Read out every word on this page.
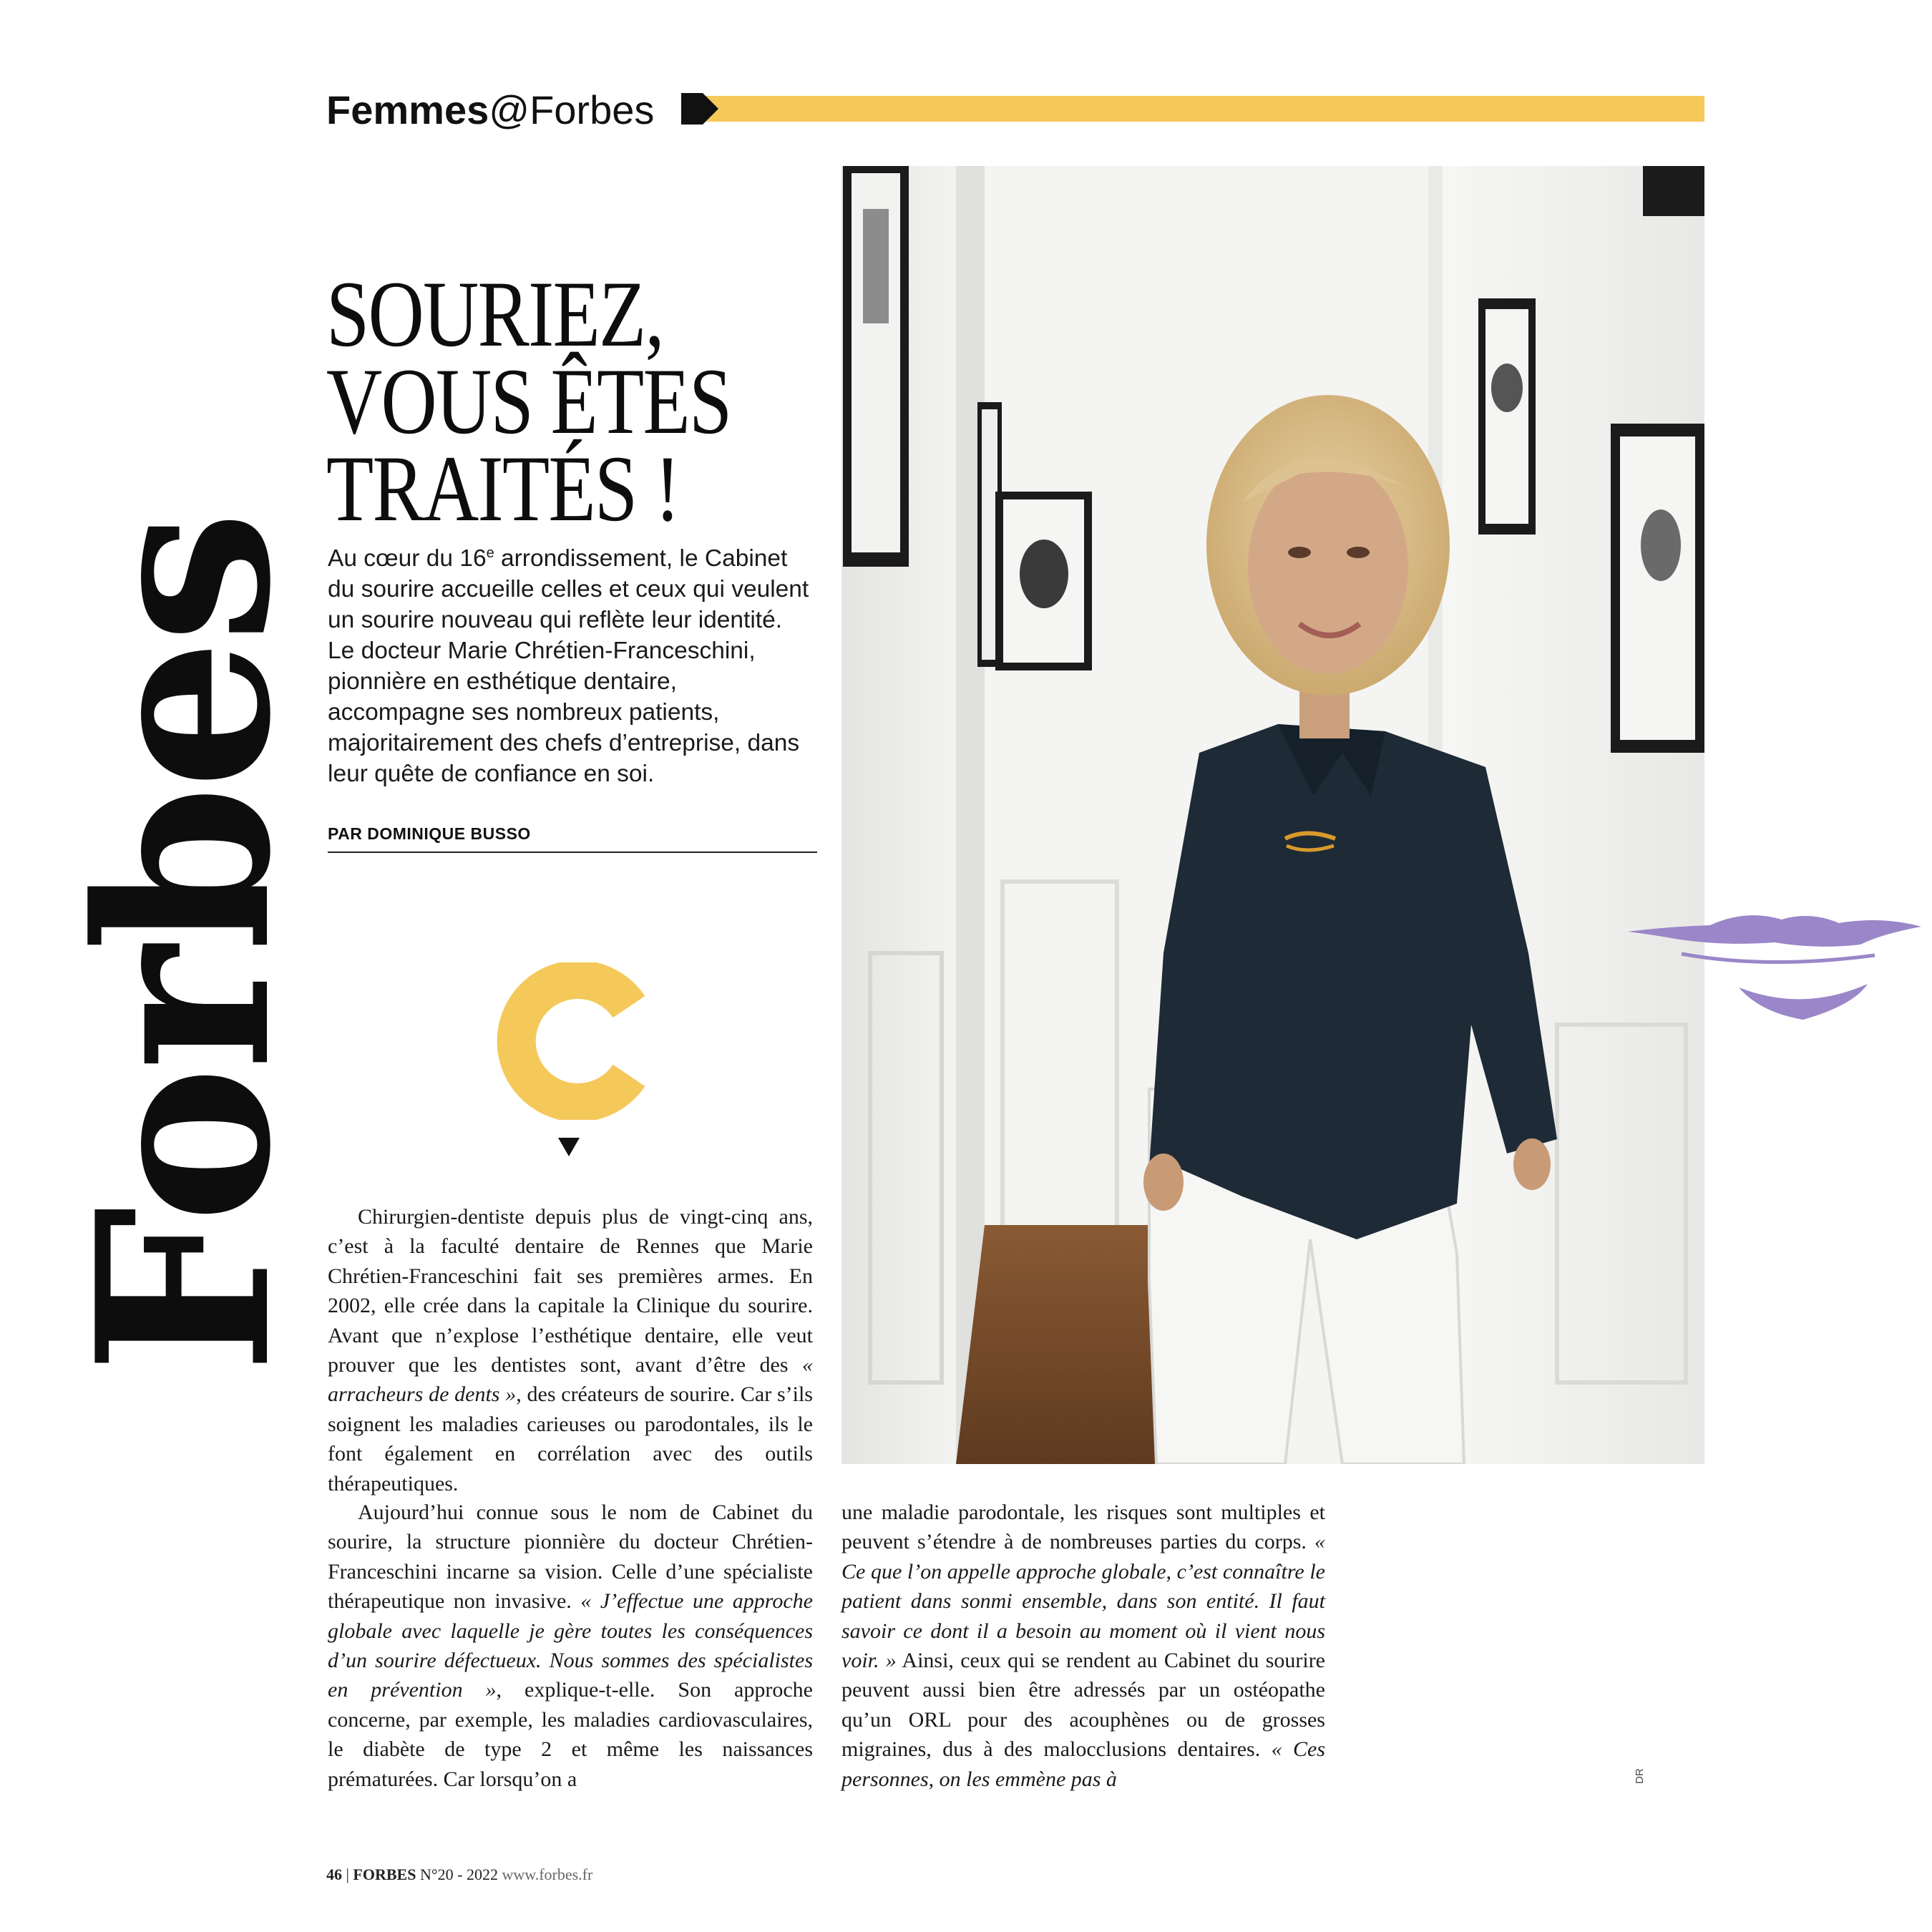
Femmes@Forbes
Forbes
SOURIEZ,
VOUS ÊTES
TRAITÉS !
Au cœur du 16e arrondissement, le Cabinet du sourire accueille celles et ceux qui veulent un sourire nouveau qui reflète leur identité. Le docteur Marie Chrétien-Franceschini, pionnière en esthétique dentaire, accompagne ses nombreux patients, majoritairement des chefs d’entreprise, dans leur quête de confiance en soi.
PAR DOMINIQUE BUSSO
C

Chirurgien-dentiste depuis plus de vingt-cinq ans, c’est à la faculté dentaire de Rennes que Marie Chrétien-Franceschini fait ses premières armes. En 2002, elle crée dans la capitale la Clinique du sourire. Avant que n’explose l’esthétique dentaire, elle veut prouver que les dentistes sont, avant d’être des « arracheurs de dents », des créateurs de sourire. Car s’ils soignent les maladies carieuses ou parodontales, ils le font également en corrélation avec des outils thérapeutiques.

Aujourd’hui connue sous le nom de Cabinet du sourire, la structure pionnière du docteur Chrétien-Franceschini incarne sa vision. Celle d’une spécialiste thérapeutique non invasive. « J’effectue une approche globale avec laquelle je gère toutes les conséquences d’un sourire défectueux. Nous sommes des spécialistes en prévention », explique-t-elle. Son approche concerne, par exemple, les maladies cardiovasculaires, le diabète de type 2 et même les naissances prématurées. Car lorsqu’on a

une maladie parodontale, les risques sont multiples et peuvent s’étendre à de nombreuses parties du corps. « Ce que l’on appelle approche globale, c’est connaître le patient dans sonmi ensemble, dans son entité. Il faut savoir ce dont il a besoin au moment où il vient nous voir. » Ainsi, ceux qui se rendent au Cabinet du sourire peuvent aussi bien être adressés par un ostéopathe qu’un ORL pour des acouphènes ou de grosses migraines, dus à des malocclusions dentaires. « Ces personnes, on les emmène pas à	DR
46 | FORBES N°20 - 2022 www.forbes.fr
